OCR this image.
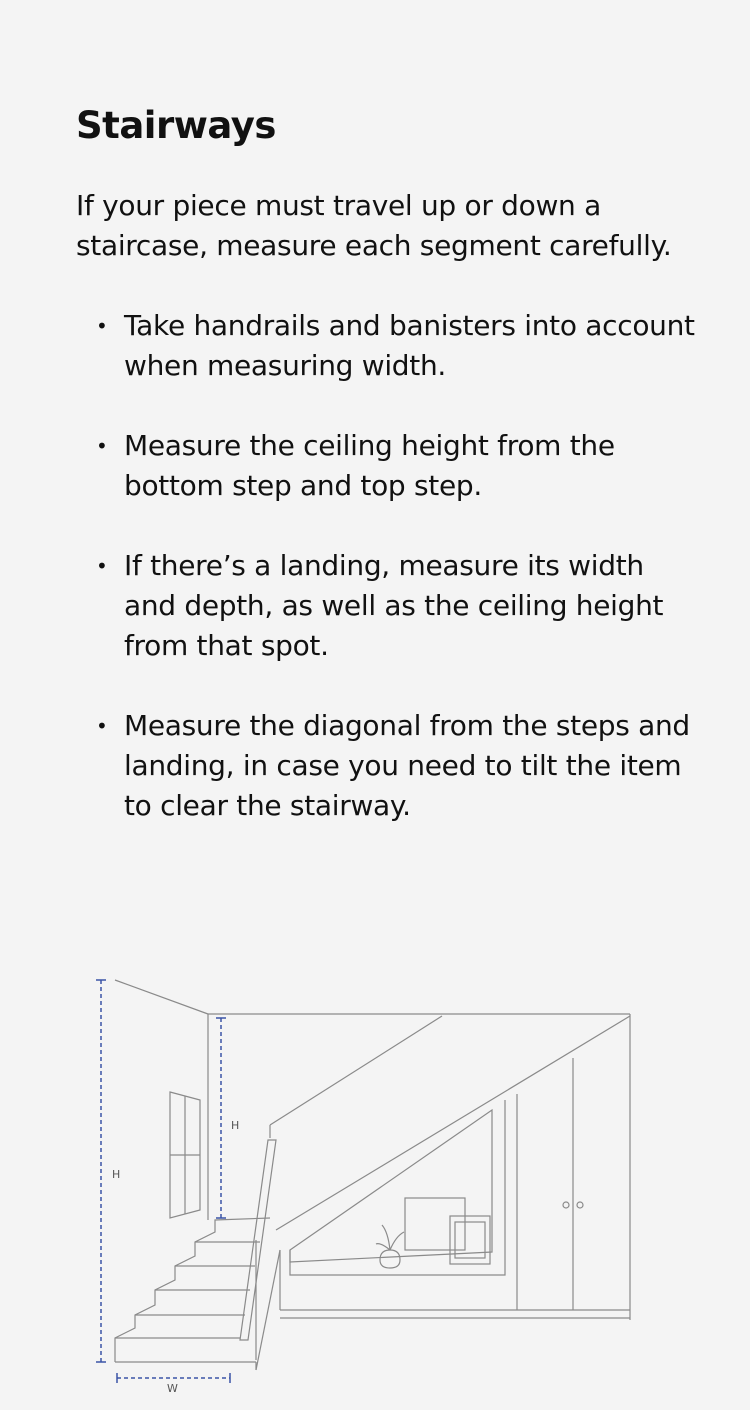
Stairways

If your piece must travel up or down a staircase, measure each segment carefully.

• Take handrails and banisters into account when measuring width.
• Measure the ceiling height from the bottom step and top step.
• If there’s a landing, measure its width and depth, as well as the ceiling height from that spot.
• Measure the diagonal from the steps and landing, in case you need to tilt the item to clear the stairway.
H
H
W
